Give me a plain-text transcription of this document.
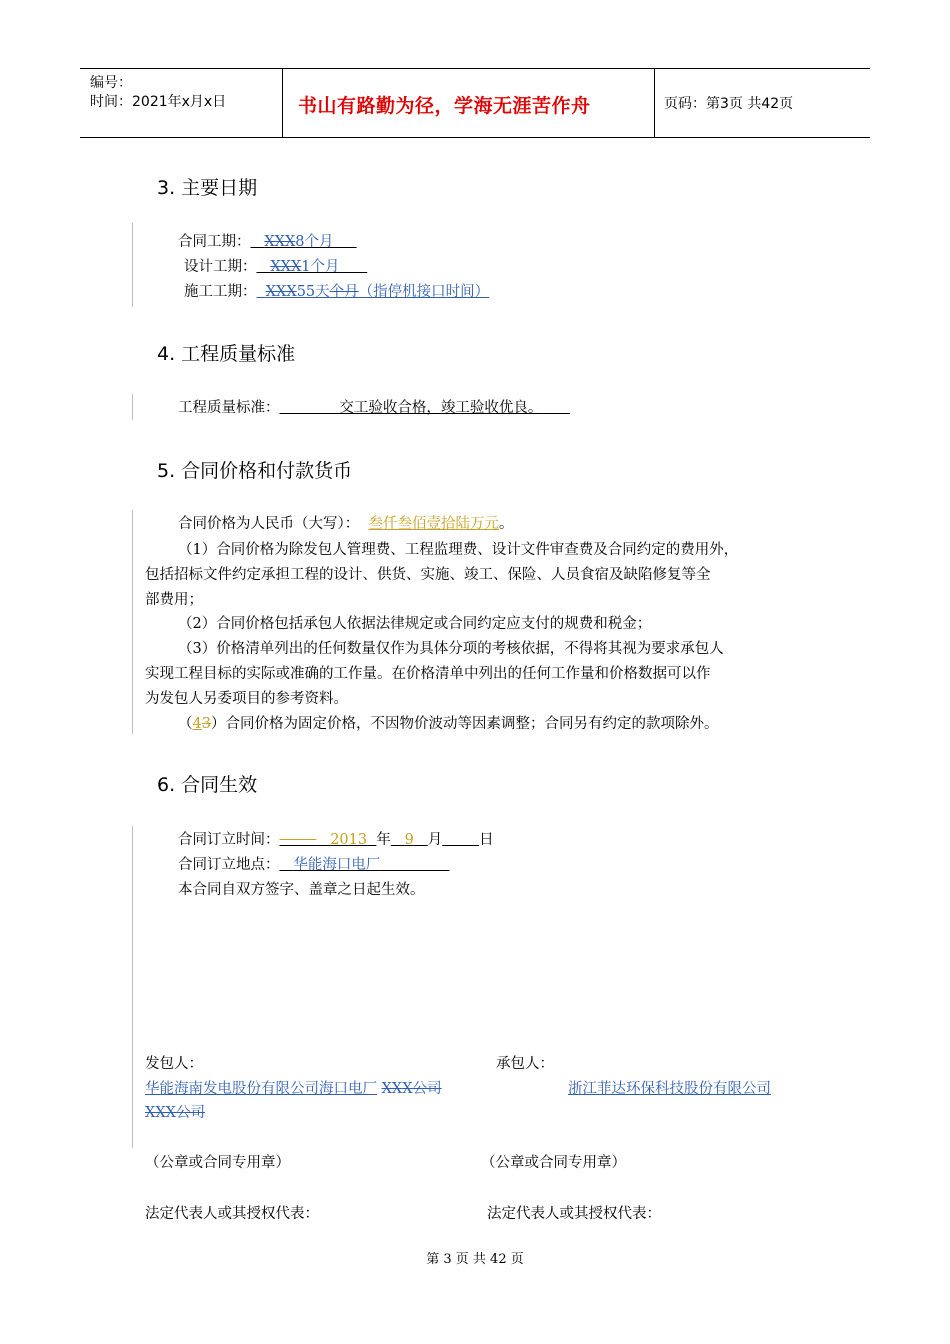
编号：
时间：2021年x月x日	书山有路勤为径，学海无涯苦作舟	页码：第3页 共42页
3. 主要日期
合同工期： XXX8个月
设计工期： XXX1个月
施工工期： XXX55天个月（指停机接口时间）
4. 工程质量标准
工程质量标准：	交工验收合格，竣工验收优良。
5. 合同价格和付款货币
合同价格为人民币（大写）： 叁仟叁佰壹拾陆万元。
（1）合同价格为除发包人管理费、工程监理费、设计文件审查费及合同约定的费用外，
包括招标文件约定承担工程的设计、供货、实施、竣工、保险、人员食宿及缺陷修复等全
部费用；
（2）合同价格包括承包人依据法律规定或合同约定应支付的规费和税金；
（3）价格清单列出的任何数量仅作为具体分项的考核依据，不得将其视为要求承包人
实现工程目标的实际或准确的工作量。在价格清单中列出的任何工作量和价格数据可以作
为发包人另委项目的参考资料。
（43）合同价格为固定价格，不因物价波动等因素调整；合同另有约定的款项除外。
6. 合同生效
合同订立时间：	2013 年 9 月	日
合同订立地点： 华能海口电厂
本合同自双方签字、盖章之日起生效。
发包人：	承包人：
华能海南发电股份有限公司海口电厂 XXX公司	浙江菲达环保科技股份有限公司
XXX公司
（公章或合同专用章）	（公章或合同专用章）
法定代表人或其授权代表：	法定代表人或其授权代表：
第 3 页 共 42 页
